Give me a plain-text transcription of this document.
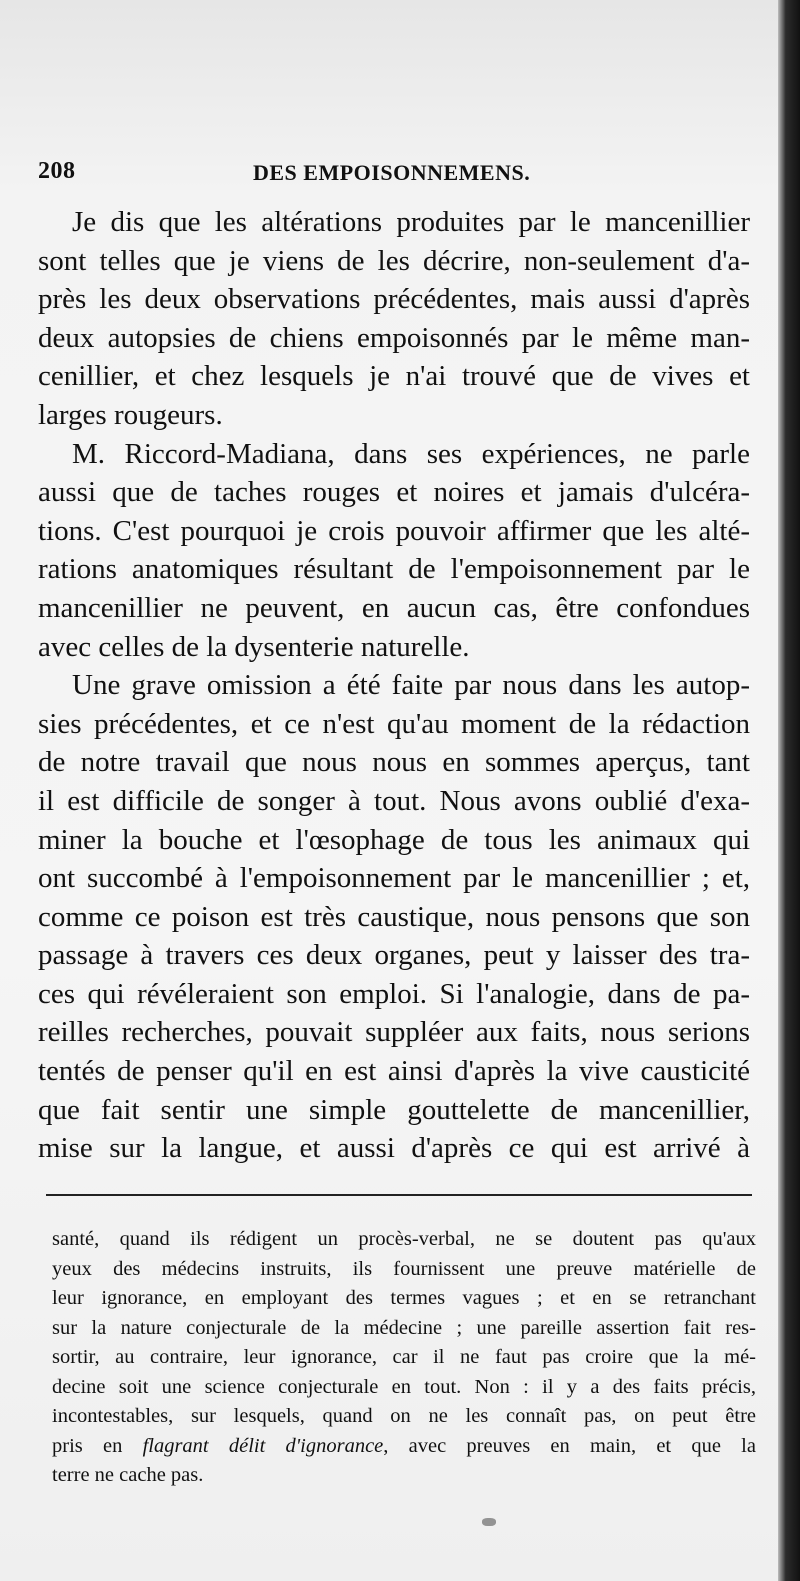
208	DES EMPOISONNEMENS.
Je dis que les altérations produites par le mancenillier
sont telles que je viens de les décrire, non-seulement d'a-
près les deux observations précédentes, mais aussi d'après
deux autopsies de chiens empoisonnés par le même man-
cenillier, et chez lesquels je n'ai trouvé que de vives et
larges rougeurs.
M. Riccord-Madiana, dans ses expériences, ne parle
aussi que de taches rouges et noires et jamais d'ulcéra-
tions. C'est pourquoi je crois pouvoir affirmer que les alté-
rations anatomiques résultant de l'empoisonnement par le
mancenillier ne peuvent, en aucun cas, être confondues
avec celles de la dysenterie naturelle.
Une grave omission a été faite par nous dans les autop-
sies précédentes, et ce n'est qu'au moment de la rédaction
de notre travail que nous nous en sommes aperçus, tant
il est difficile de songer à tout. Nous avons oublié d'exa-
miner la bouche et l'œsophage de tous les animaux qui
ont succombé à l'empoisonnement par le mancenillier ; et,
comme ce poison est très caustique, nous pensons que son
passage à travers ces deux organes, peut y laisser des tra-
ces qui révéleraient son emploi. Si l'analogie, dans de pa-
reilles recherches, pouvait suppléer aux faits, nous serions
tentés de penser qu'il en est ainsi d'après la vive causticité
que fait sentir une simple gouttelette de mancenillier,
mise sur la langue, et aussi d'après ce qui est arrivé à
santé, quand ils rédigent un procès-verbal, ne se doutent pas qu'aux
yeux des médecins instruits, ils fournissent une preuve matérielle de
leur ignorance, en employant des termes vagues ; et en se retranchant
sur la nature conjecturale de la médecine ; une pareille assertion fait res-
sortir, au contraire, leur ignorance, car il ne faut pas croire que la mé-
decine soit une science conjecturale en tout. Non : il y a des faits précis,
incontestables, sur lesquels, quand on ne les connaît pas, on peut être
pris en flagrant délit d'ignorance, avec preuves en main, et que la
terre ne cache pas.
